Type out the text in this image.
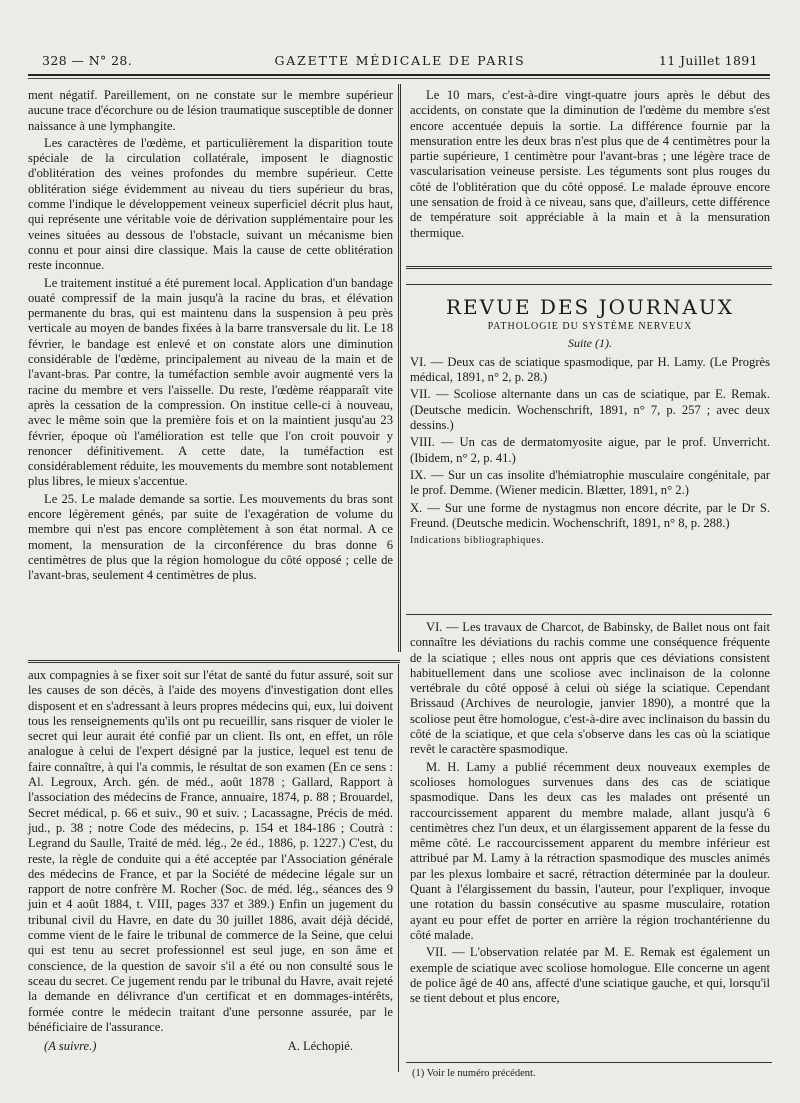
328 — N° 28.	GAZETTE MÉDICALE DE PARIS	11 Juillet 1891

ment négatif. Pareillement, on ne constate sur le membre supérieur aucune trace d'écorchure ou de lésion traumatique susceptible de donner naissance à une lymphangite.

Les caractères de l'œdème, et particulièrement la disparition toute spéciale de la circulation collatérale, imposent le diagnostic d'oblitération des veines profondes du membre supérieur. Cette oblitération siége évidemment au niveau du tiers supérieur du bras, comme l'indique le développement veineux superficiel décrit plus haut, qui représente une véritable voie de dérivation supplémentaire pour les veines situées au dessous de l'obstacle, suivant un mécanisme bien connu et pour ainsi dire classique. Mais la cause de cette oblitération reste inconnue.

Le traitement institué a été purement local. Application d'un bandage ouaté compressif de la main jusqu'à la racine du bras, et élévation permanente du bras, qui est maintenu dans la suspension à peu près verticale au moyen de bandes fixées à la barre transversale du lit. Le 18 février, le bandage est enlevé et on constate alors une diminution considérable de l'œdème, principalement au niveau de la main et de l'avant-bras. Par contre, la tuméfaction semble avoir augmenté vers la racine du membre et vers l'aisselle. Du reste, l'œdème réapparaît vite après la cessation de la compression. On institue celle-ci à nouveau, avec le même soin que la première fois et on la maintient jusqu'au 23 février, époque où l'amélioration est telle que l'on croit pouvoir y renoncer définitivement. A cette date, la tuméfaction est considérablement réduite, les mouvements du membre sont notablement plus libres, le mieux s'accentue.

Le 25. Le malade demande sa sortie. Les mouvements du bras sont encore légèrement génés, par suite de l'exagération de volume du membre qui n'est pas encore complètement à son état normal. A ce moment, la mensuration de la circonférence du bras donne 6 centimètres de plus que la région homologue du côté opposé ; celle de l'avant-bras, seulement 4 centimètres de plus.

Le 10 mars, c'est-à-dire vingt-quatre jours après le début des accidents, on constate que la diminution de l'œdème du membre s'est encore accentuée depuis la sortie. La différence fournie par la mensuration entre les deux bras n'est plus que de 4 centimètres pour la partie supérieure, 1 centimètre pour l'avant-bras ; une légère trace de vascularisation veineuse persiste. Les téguments sont plus rouges du côté de l'oblitération que du côté opposé. Le malade éprouve encore une sensation de froid à ce niveau, sans que, d'ailleurs, cette différence de température soit appréciable à la main et à la mensuration thermique.

REVUE DES JOURNAUX
PATHOLOGIE DU SYSTÈME NERVEUX
Suite (1).
VI. — Deux cas de sciatique spasmodique, par H. Lamy. (Le Progrès médical, 1891, n° 2, p. 28.)
VII. — Scoliose alternante dans un cas de sciatique, par E. Remak. (Deutsche medicin. Wochenschrift, 1891, n° 7, p. 257 ; avec deux dessins.)
VIII. — Un cas de dermatomyosite aigue, par le prof. Unverricht. (Ibidem, n° 2, p. 41.)
IX. — Sur un cas insolite d'hémiatrophie musculaire congénitale, par le prof. Demme. (Wiener medicin. Blætter, 1891, n° 2.)
X. — Sur une forme de nystagmus non encore décrite, par le Dr S. Freund. (Deutsche medicin. Wochenschrift, 1891, n° 8, p. 288.)
Indications bibliographiques.

VI. — Les travaux de Charcot, de Babinsky, de Ballet nous ont fait connaître les déviations du rachis comme une conséquence fréquente de la sciatique ; elles nous ont appris que ces déviations consistent habituellement dans une scoliose avec inclinaison de la colonne vertébrale du côté opposé à celui où siége la sciatique. Cependant Brissaud (Archives de neurologie, janvier 1890), a montré que la scoliose peut être homologue, c'est-à-dire avec inclinaison du bassin du côté de la sciatique, et que cela s'observe dans les cas où la sciatique revêt le caractère spasmodique.

M. H. Lamy a publié récemment deux nouveaux exemples de scolioses homologues survenues dans des cas de sciatique spasmodique. Dans les deux cas les malades ont présenté un raccourcissement apparent du membre malade, allant jusqu'à 6 centimètres chez l'un deux, et un élargissement apparent de la fesse du même côté. Le raccourcissement apparent du membre inférieur est attribué par M. Lamy à la rétraction spasmodique des muscles animés par les plexus lombaire et sacré, rétraction déterminée par la douleur. Quant à l'élargissement du bassin, l'auteur, pour l'expliquer, invoque une rotation du bassin consécutive au spasme musculaire, rotation ayant eu pour effet de porter en arrière la région trochantérienne du côté malade.

VII. — L'observation relatée par M. E. Remak est également un exemple de sciatique avec scoliose homologue. Elle concerne un agent de police âgé de 40 ans, affecté d'une sciatique gauche, et qui, lorsqu'il se tient debout et plus encore,

aux compagnies à se fixer soit sur l'état de santé du futur assuré, soit sur les causes de son décès, à l'aide des moyens d'investigation dont elles disposent et en s'adressant à leurs propres médecins qui, eux, lui doivent tous les renseignements qu'ils ont pu recueillir, sans risquer de violer le secret qui leur aurait été confié par un client. Ils ont, en effet, un rôle analogue à celui de l'expert désigné par la justice, lequel est tenu de faire connaître, à qui l'a commis, le résultat de son examen (En ce sens : Al. Legroux, Arch. gén. de méd., août 1878 ; Gallard, Rapport à l'association des médecins de France, annuaire, 1874, p. 88 ; Brouardel, Secret médical, p. 66 et suiv., 90 et suiv. ; Lacassagne, Précis de méd. jud., p. 38 ; notre Code des médecins, p. 154 et 184-186 ; Coutrà : Legrand du Saulle, Traité de méd. lég., 2e éd., 1886, p. 1227.) C'est, du reste, la règle de conduite qui a été acceptée par l'Association générale des médecins de France, et par la Société de médecine légale sur un rapport de notre confrère M. Rocher (Soc. de méd. lég., séances des 9 juin et 4 août 1884, t. VIII, pages 337 et 389.) Enfin un jugement du tribunal civil du Havre, en date du 30 juillet 1886, avait déjà décidé, comme vient de le faire le tribunal de commerce de la Seine, que celui qui est tenu au secret professionnel est seul juge, en son âme et conscience, de la question de savoir s'il a été ou non consulté sous le sceau du secret. Ce jugement rendu par le tribunal du Havre, avait rejeté la demande en délivrance d'un certificat et en dommages-intérêts, formée contre le médecin traitant d'une personne assurée, par le bénéficiaire de l'assurance.

(A suivre.)	A. Léchopié.
(1) Voir le numéro précédent.
